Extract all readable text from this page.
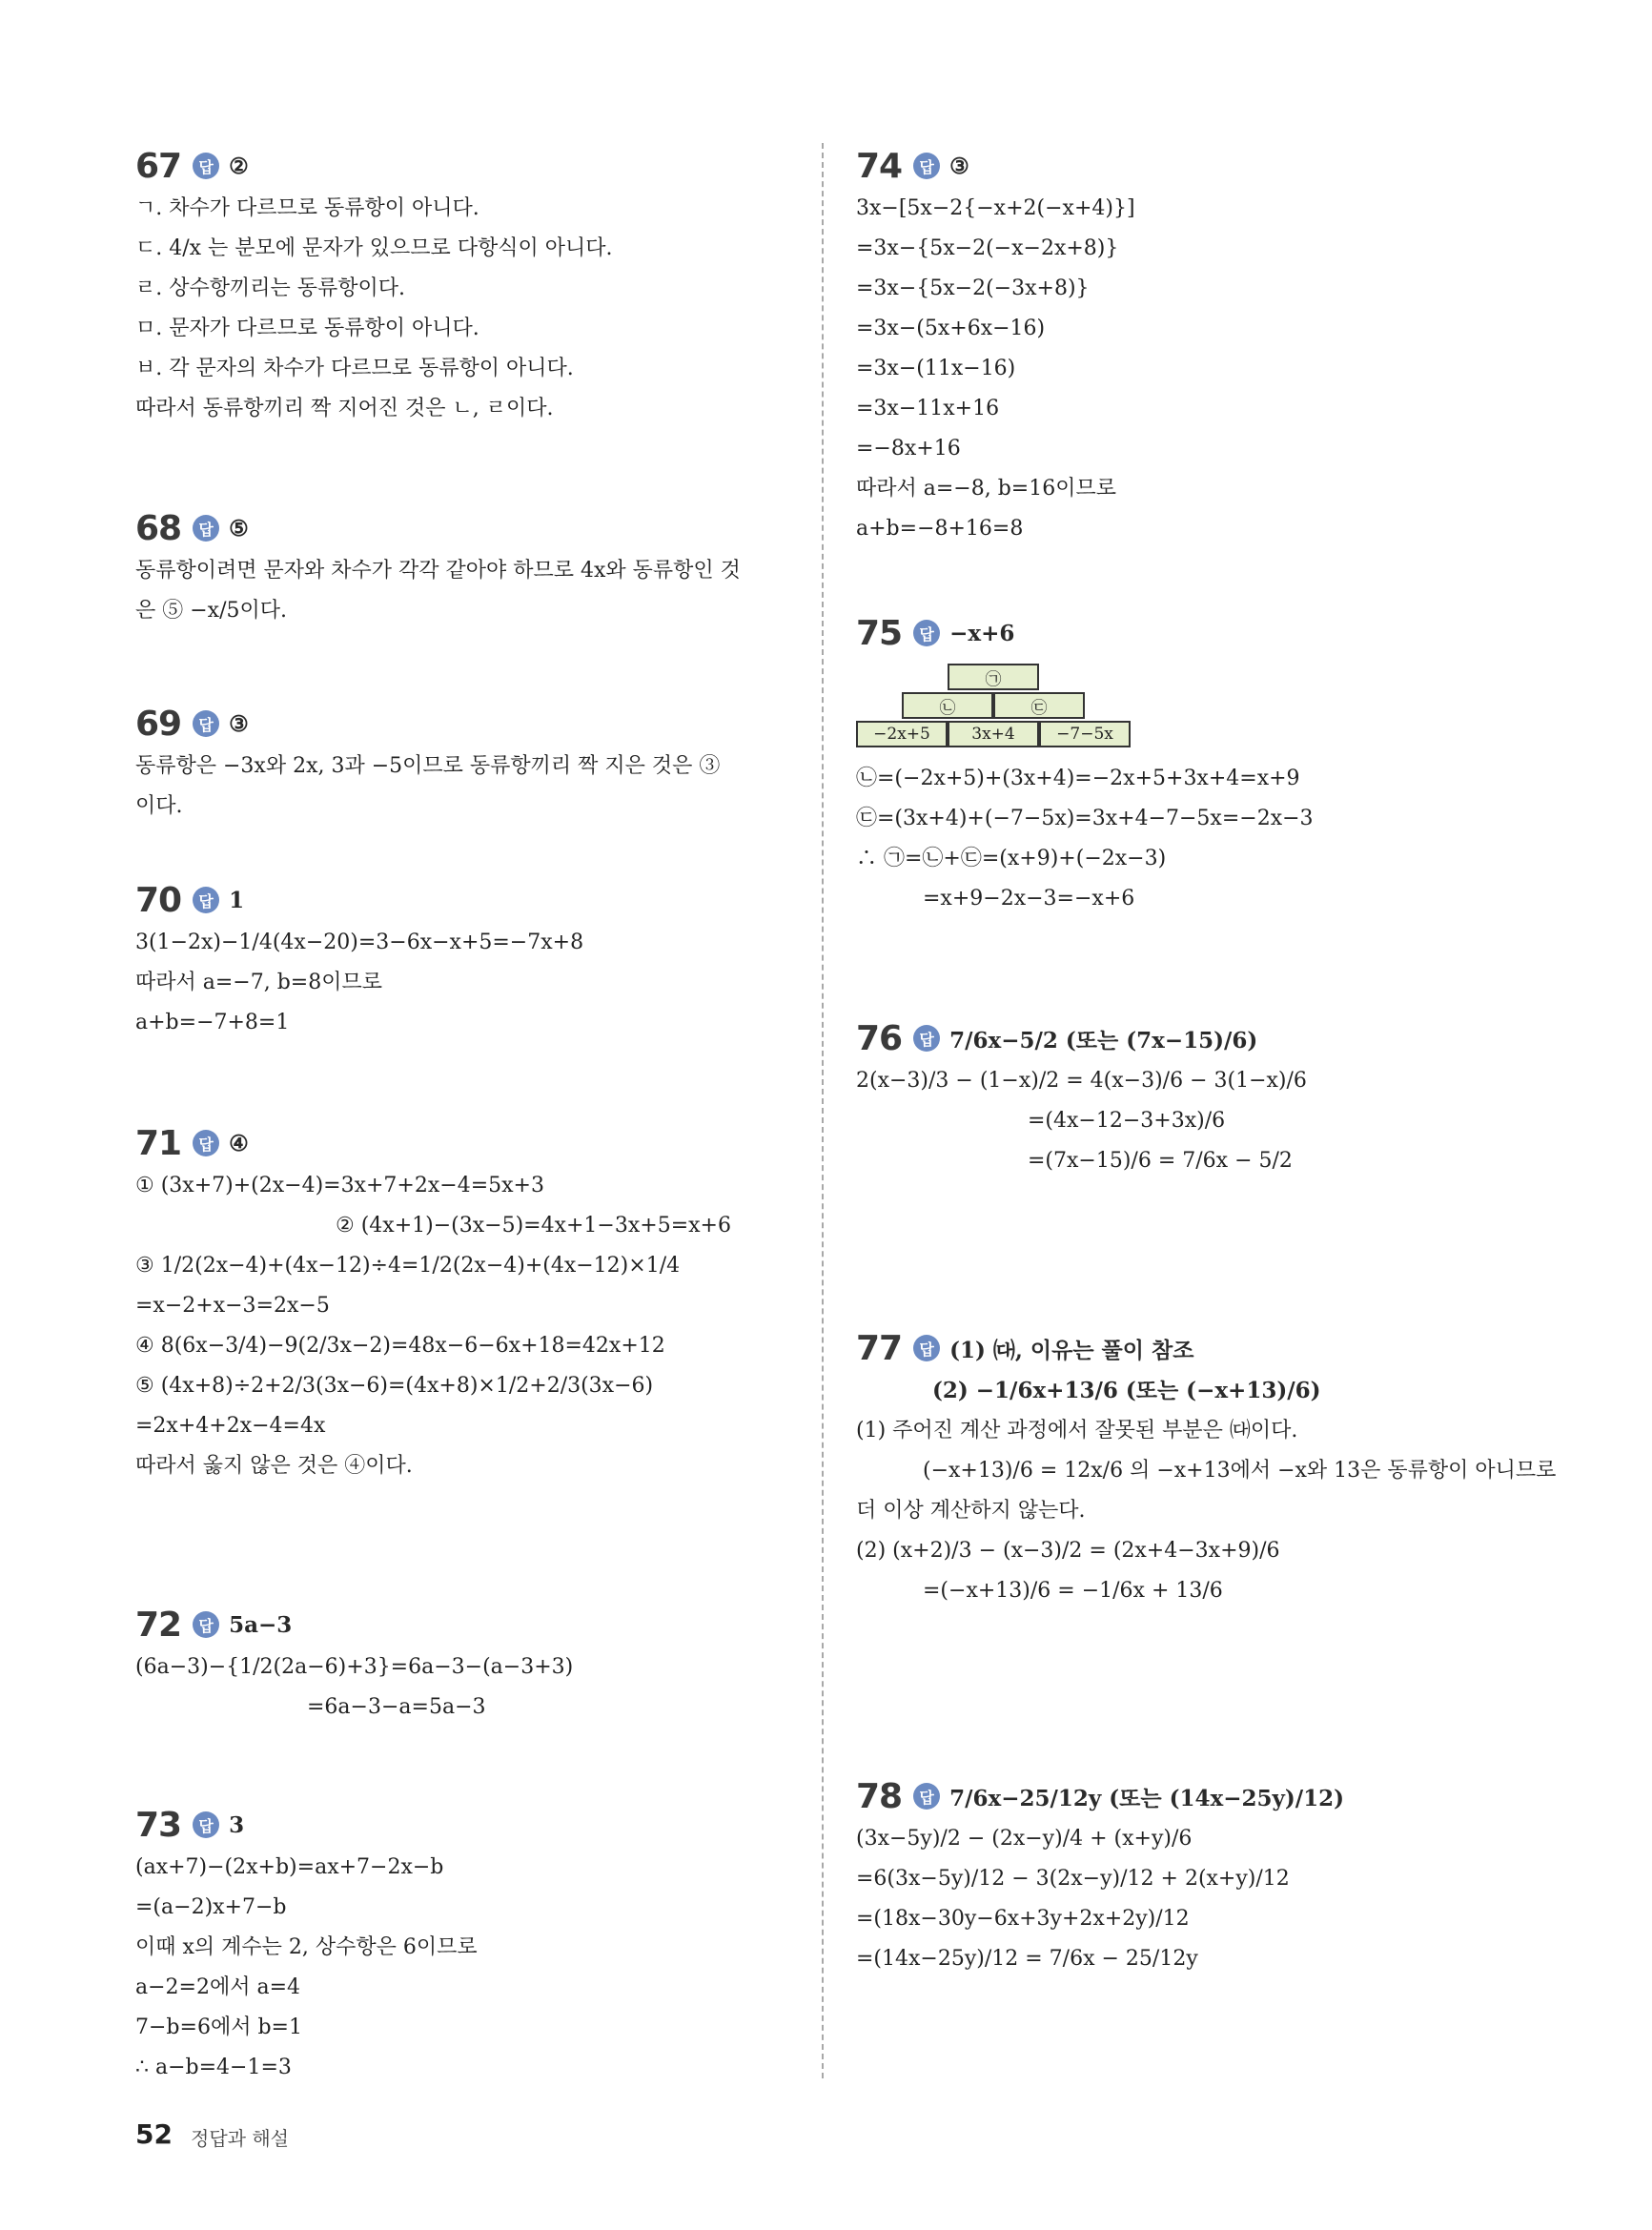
67	답 ②
ㄱ. 차수가 다르므로 동류항이 아니다.
ㄷ. 4/x 는 분모에 문자가 있으므로 다항식이 아니다.
ㄹ. 상수항끼리는 동류항이다.
ㅁ. 문자가 다르므로 동류항이 아니다.
ㅂ. 각 문자의 차수가 다르므로 동류항이 아니다.
따라서 동류항끼리 짝 지어진 것은 ㄴ, ㄹ이다.
68	답 ⑤
동류항이려면 문자와 차수가 각각 같아야 하므로 4x와 동류항인 것
은 ⑤ −x/5이다.
69	답 ③
동류항은 −3x와 2x, 3과 −5이므로 동류항끼리 짝 지은 것은 ③
이다.
70	답 1
3(1−2x)−1/4(4x−20)=3−6x−x+5=−7x+8
따라서 a=−7, b=8이므로
a+b=−7+8=1
71	답 ④
① (3x+7)+(2x−4)=3x+7+2x−4=5x+3
② (4x+1)−(3x−5)=4x+1−3x+5=x+6
③ 1/2(2x−4)+(4x−12)÷4=1/2(2x−4)+(4x−12)×1/4
=x−2+x−3=2x−5
④ 8(6x−3/4)−9(2/3x−2)=48x−6−6x+18=42x+12
⑤ (4x+8)÷2+2/3(3x−6)=(4x+8)×1/2+2/3(3x−6)
=2x+4+2x−4=4x
따라서 옳지 않은 것은 ④이다.
72	답 5a−3
(6a−3)−{1/2(2a−6)+3}=6a−3−(a−3+3)
=6a−3−a=5a−3
73	답 3
(ax+7)−(2x+b)=ax+7−2x−b
=(a−2)x+7−b
이때 x의 계수는 2, 상수항은 6이므로
a−2=2에서 a=4
7−b=6에서 b=1
∴ a−b=4−1=3
74	답 ③
3x−[5x−2{−x+2(−x+4)}]
=3x−{5x−2(−x−2x+8)}
=3x−{5x−2(−3x+8)}
=3x−(5x+6x−16)
=3x−(11x−16)
=3x−11x+16
=−8x+16
따라서 a=−8, b=16이므로
a+b=−8+16=8
75	답 −x+6
㉠
㉡	㉢
−2x+5	3x+4	−7−5x
㉡=(−2x+5)+(3x+4)=−2x+5+3x+4=x+9
㉢=(3x+4)+(−7−5x)=3x+4−7−5x=−2x−3
∴ ㉠=㉡+㉢=(x+9)+(−2x−3)
=x+9−2x−3=−x+6
76	답 7/6x−5/2 (또는 (7x−15)/6)
2(x−3)/3 − (1−x)/2 = 4(x−3)/6 − 3(1−x)/6
=(4x−12−3+3x)/6
=(7x−15)/6 = 7/6x − 5/2
77	답 (1) ㈐, 이유는 풀이 참조
(2) −1/6x+13/6 (또는 (−x+13)/6)
(1) 주어진 계산 과정에서 잘못된 부분은 ㈐이다.
(−x+13)/6 = 12x/6 의 −x+13에서 −x와 13은 동류항이 아니므로
더 이상 계산하지 않는다.
(2) (x+2)/3 − (x−3)/2 = (2x+4−3x+9)/6
=(−x+13)/6 = −1/6x + 13/6
78	답 7/6x−25/12y (또는 (14x−25y)/12)
(3x−5y)/2 − (2x−y)/4 + (x+y)/6
=6(3x−5y)/12 − 3(2x−y)/12 + 2(x+y)/12
=(18x−30y−6x+3y+2x+2y)/12
=(14x−25y)/12 = 7/6x − 25/12y
52 정답과 해설
